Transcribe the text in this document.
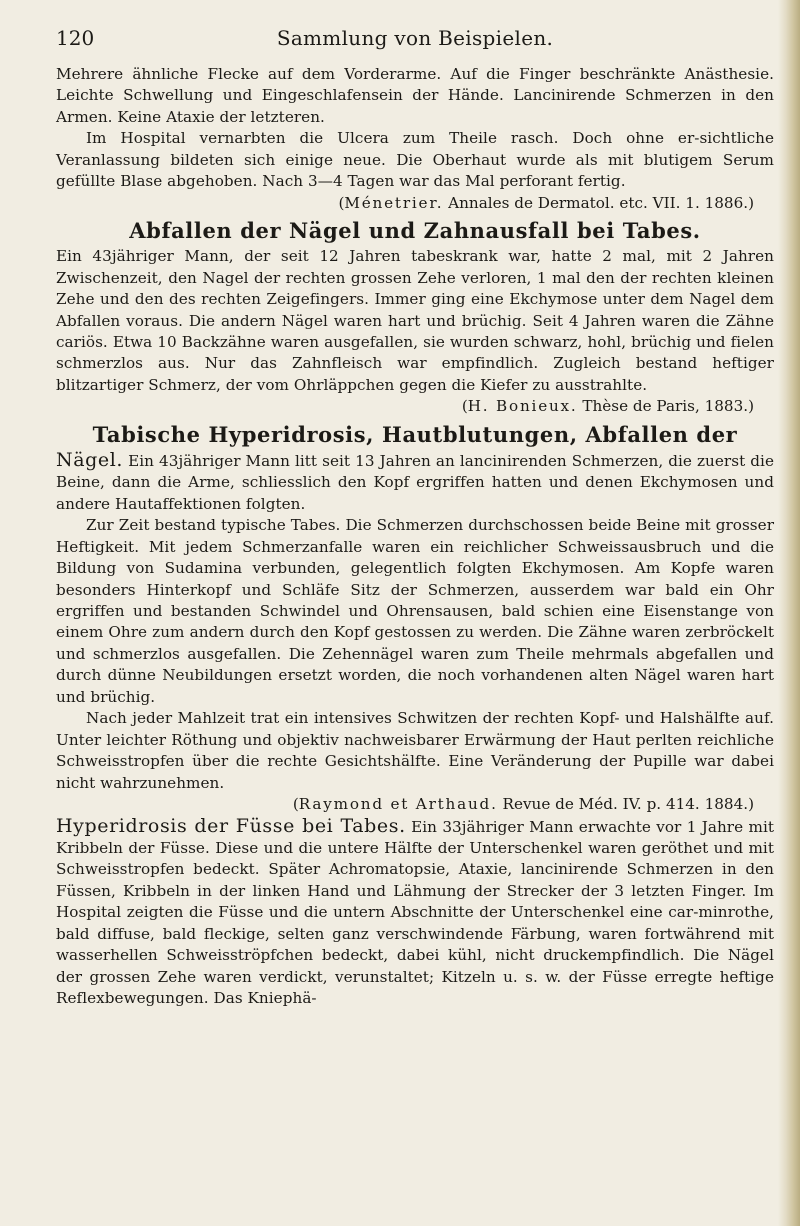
120	Sammlung von Beispielen.

Mehrere ähnliche Flecke auf dem Vorderarme. Auf die Finger beschränkte Anästhesie. Leichte Schwellung und Eingeschlafensein der Hände. Lancinirende Schmerzen in den Armen. Keine Ataxie der letzteren.

Im Hospital vernarbten die Ulcera zum Theile rasch. Doch ohne er-sichtliche Veranlassung bildeten sich einige neue. Die Oberhaut wurde als mit blutigem Serum gefüllte Blase abgehoben. Nach 3—4 Tagen war das Mal perforant fertig.

(Ménetrier. Annales de Dermatol. etc. VII. 1. 1886.)

Abfallen der Nägel und Zahnausfall bei Tabes.

Ein 43jähriger Mann, der seit 12 Jahren tabeskrank war, hatte 2 mal, mit 2 Jahren Zwischenzeit, den Nagel der rechten grossen Zehe verloren, 1 mal den der rechten kleinen Zehe und den des rechten Zeigefingers. Immer ging eine Ekchymose unter dem Nagel dem Abfallen voraus. Die andern Nägel waren hart und brüchig. Seit 4 Jahren waren die Zähne cariös. Etwa 10 Backzähne waren ausgefallen, sie wurden schwarz, hohl, brüchig und fielen schmerzlos aus. Nur das Zahnfleisch war empfindlich. Zugleich bestand heftiger blitzartiger Schmerz, der vom Ohrläppchen gegen die Kiefer zu ausstrahlte.

(H. Bonieux. Thèse de Paris, 1883.)

Tabische Hyperidrosis, Hautblutungen, Abfallen der

Nägel. Ein 43jähriger Mann litt seit 13 Jahren an lancinirenden Schmerzen, die zuerst die Beine, dann die Arme, schliesslich den Kopf ergriffen hatten und denen Ekchymosen und andere Hautaffektionen folgten.

Zur Zeit bestand typische Tabes. Die Schmerzen durchschossen beide Beine mit grosser Heftigkeit. Mit jedem Schmerzanfalle waren ein reichlicher Schweissausbruch und die Bildung von Sudamina verbunden, gelegentlich folgten Ekchymosen. Am Kopfe waren besonders Hinterkopf und Schläfe Sitz der Schmerzen, ausserdem war bald ein Ohr ergriffen und bestanden Schwindel und Ohrensausen, bald schien eine Eisenstange von einem Ohre zum andern durch den Kopf gestossen zu werden. Die Zähne waren zerbröckelt und schmerzlos ausgefallen. Die Zehennägel waren zum Theile mehrmals abgefallen und durch dünne Neubildungen ersetzt worden, die noch vorhandenen alten Nägel waren hart und brüchig.

Nach jeder Mahlzeit trat ein intensives Schwitzen der rechten Kopf- und Halshälfte auf. Unter leichter Röthung und objektiv nachweisbarer Erwärmung der Haut perlten reichliche Schweisstropfen über die rechte Gesichtshälfte. Eine Veränderung der Pupille war dabei nicht wahrzunehmen.

(Raymond et Arthaud. Revue de Méd. IV. p. 414. 1884.)

Hyperidrosis der Füsse bei Tabes. Ein 33jähriger Mann erwachte vor 1 Jahre mit Kribbeln der Füsse. Diese und die untere Hälfte der Unterschenkel waren geröthet und mit Schweisstropfen bedeckt. Später Achromatopsie, Ataxie, lancinirende Schmerzen in den Füssen, Kribbeln in der linken Hand und Lähmung der Strecker der 3 letzten Finger. Im Hospital zeigten die Füsse und die untern Abschnitte der Unterschenkel eine car-minrothe, bald diffuse, bald fleckige, selten ganz verschwindende Färbung, waren fortwährend mit wasserhellen Schweisströpfchen bedeckt, dabei kühl, nicht druckempfindlich. Die Nägel der grossen Zehe waren verdickt, verunstaltet; Kitzeln u. s. w. der Füsse erregte heftige Reflexbewegungen. Das Kniephä-
